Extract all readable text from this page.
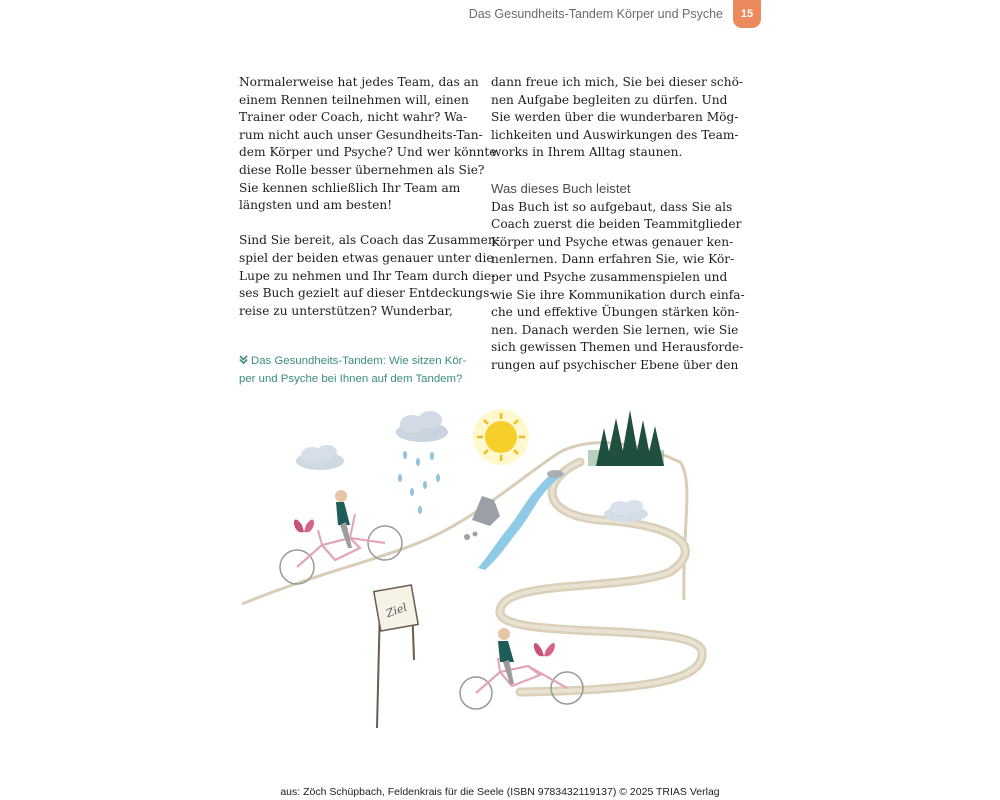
Das Gesundheits-Tandem Körper und Psyche	15

Normalerweise hat jedes Team, das an
einem Rennen teilnehmen will, einen
Trainer oder Coach, nicht wahr? Wa-
rum nicht auch unser Gesundheits-Tan-
dem Körper und Psyche? Und wer könnte
diese Rolle besser übernehmen als Sie?
Sie kennen schließlich Ihr Team am
längsten und am besten!

Sind Sie bereit, als Coach das Zusammen-
spiel der beiden etwas genauer unter die
Lupe zu nehmen und Ihr Team durch die-
ses Buch gezielt auf dieser Entdeckungs-
reise zu unterstützen? Wunderbar,

Das Gesundheits-Tandem: Wie sitzen Kör-
per und Psyche bei Ihnen auf dem Tandem?

dann freue ich mich, Sie bei dieser schö-
nen Aufgabe begleiten zu dürfen. Und
Sie werden über die wunderbaren Mög-
lichkeiten und Auswirkungen des Team-
works in Ihrem Alltag staunen.

Was dieses Buch leistet

Das Buch ist so aufgebaut, dass Sie als
Coach zuerst die beiden Teammitglieder
Körper und Psyche etwas genauer ken-
nenlernen. Dann erfahren Sie, wie Kör-
per und Psyche zusammenspielen und
wie Sie ihre Kommunikation durch einfa-
che und effektive Übungen stärken kön-
nen. Danach werden Sie lernen, wie Sie
sich gewissen Themen und Herausforde-
rungen auf psychischer Ebene über den

Ziel
aus: Zöch Schüpbach, Feldenkrais für die Seele (ISBN 9783432119137) © 2025 TRIAS Verlag
